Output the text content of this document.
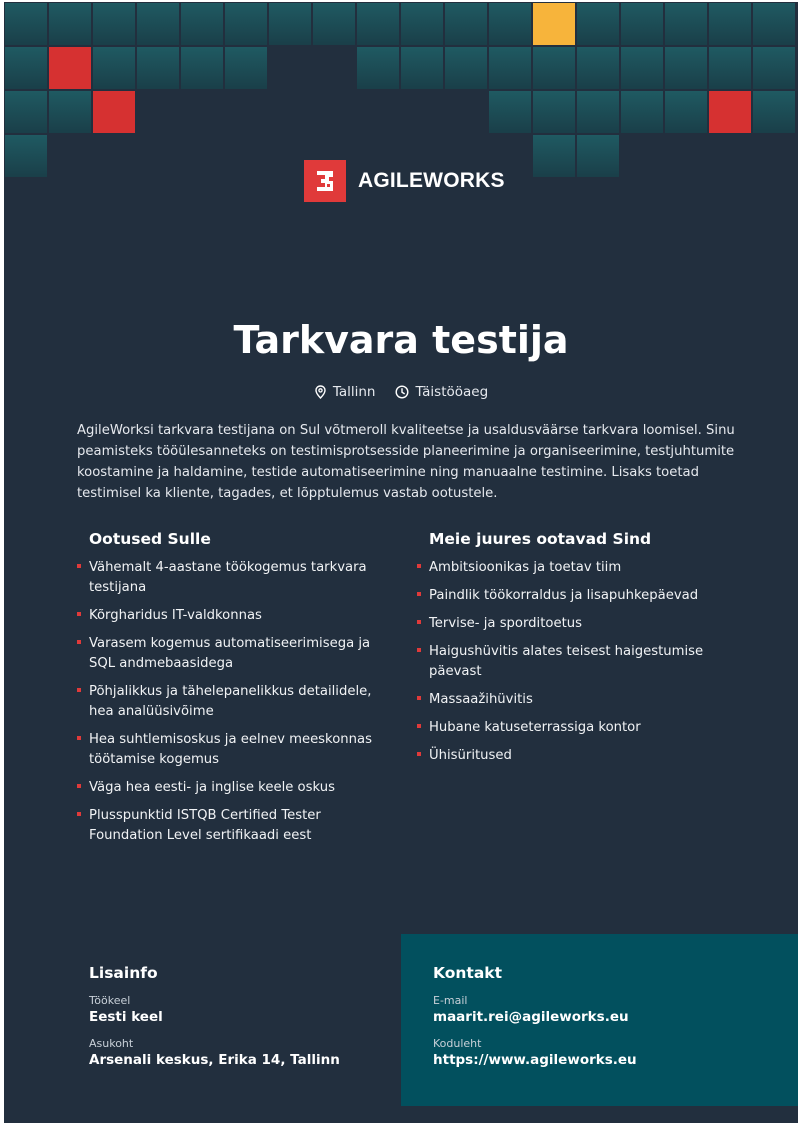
AGILEWORKS
Tarkvara testija
Tallinn	Täistööaeg

AgileWorksi tarkvara testijana on Sul võtmeroll kvaliteetse ja usaldusväärse tarkvara loomisel. Sinu peamisteks tööülesanneteks on testimisprotsesside planeerimine ja organiseerimine, testjuhtumite koostamine ja haldamine, testide automatiseerimine ning manuaalne testimine. Lisaks toetad testimisel ka kliente, tagades, et lõpptulemus vastab ootustele.

Ootused Sulle
Vähemalt 4-aastane töökogemus tarkvara testijana
Kõrgharidus IT-valdkonnas
Varasem kogemus automatiseerimisega ja SQL andmebaasidega
Põhjalikkus ja tähelepanelikkus detailidele, hea analüüsivõime
Hea suhtlemisoskus ja eelnev meeskonnas töötamise kogemus
Väga hea eesti- ja inglise keele oskus
Plusspunktid ISTQB Certified Tester Foundation Level sertifikaadi eest
Meie juures ootavad Sind
Ambitsioonikas ja toetav tiim
Paindlik töökorraldus ja lisapuhkepäevad
Tervise- ja sporditoetus
Haigushüvitis alates teisest haigestumise päevast
Massaažihüvitis
Hubane katuseterrassiga kontor
Ühisüritused

Lisainfo

Töökeel

Eesti keel

Asukoht

Arsenali keskus, Erika 14, Tallinn

Kontakt

E-mail

maarit.rei@agileworks.eu

Koduleht

https://www.agileworks.eu
